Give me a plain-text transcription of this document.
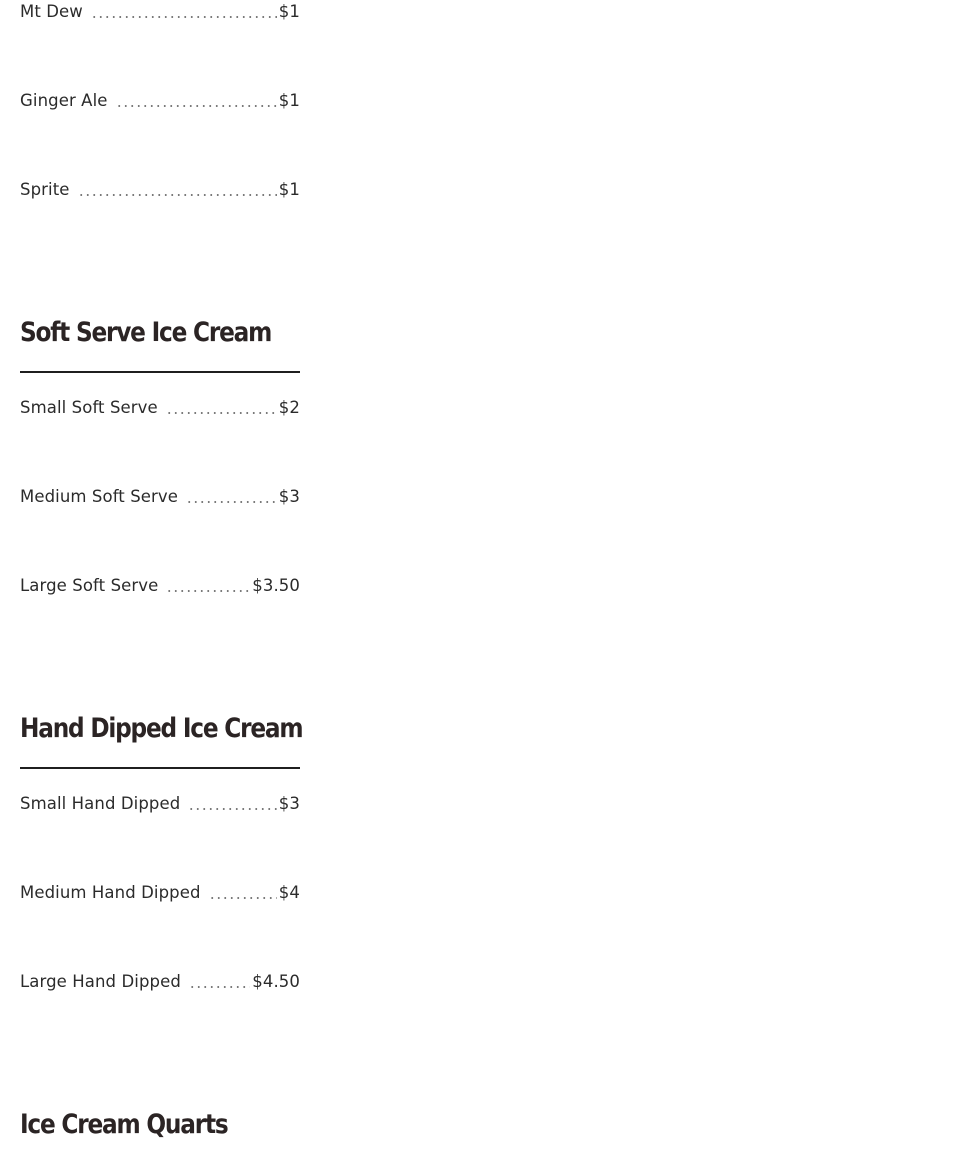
Mt Dew	$1
Ginger Ale	$1
Sprite	$1
Soft Serve Ice Cream
Small Soft Serve	$2
Medium Soft Serve	$3
Large Soft Serve	$3.50
Hand Dipped Ice Cream
Small Hand Dipped	$3
Medium Hand Dipped	$4
Large Hand Dipped	$4.50
Ice Cream Quarts
